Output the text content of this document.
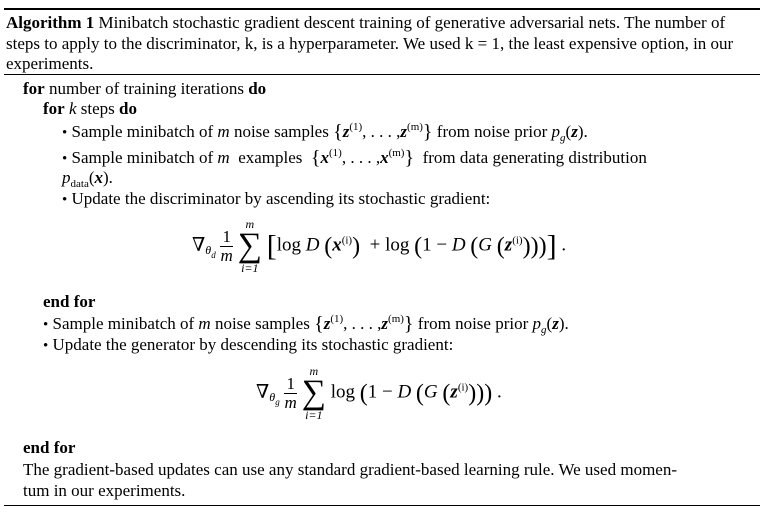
Algorithm 1 Minibatch stochastic gradient descent training of generative adversarial nets. The number of
steps to apply to the discriminator, k, is a hyperparameter. We used k = 1, the least expensive option, in our
experiments.
for number of training iterations do
for k steps do
• Sample minibatch of m noise samples {$z^{(1)}$, . . . $,z^{(m)}$} from noise prior $p_g(z)$.
• Sample minibatch of m examples {$x^{(1)}$, . . . $,x^{(m)}$} from data generating distribution
$p_{data}(x)$.
• Update the discriminator by ascending its stochastic gradient:
$\nabla_{\theta_d} \frac{1}{m}$

m
∑
i=1
[log D $(x^{(i)}) + \log (1 - D$ (G $(z^{(i)})$))] .
end for
• Sample minibatch of m noise samples {$z^{(1)}$, . . . $,z^{(m)}$} from noise prior $p_g(z)$.
• Update the generator by descending its stochastic gradient:
$\nabla_{\theta_g} \frac{1}{m}$

m
∑
i=1
log (1 − D (G $(z^{(i)})$)) .
end for
The gradient-based updates can use any standard gradient-based learning rule. We used momen-
tum in our experiments.
